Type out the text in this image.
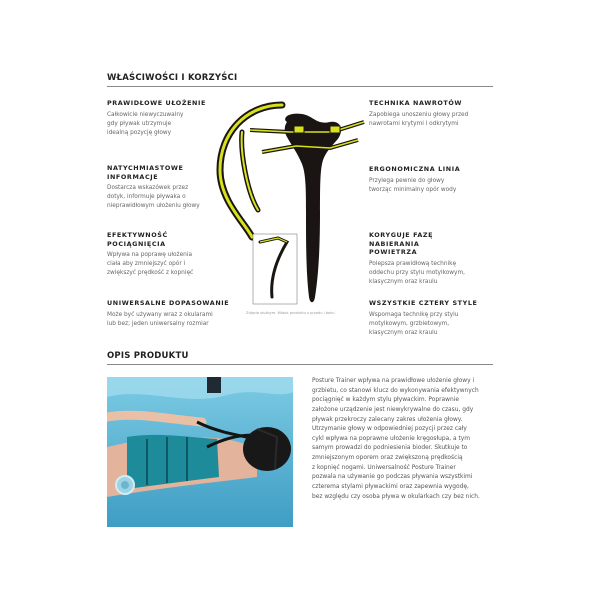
WŁAŚCIWOŚCI I KORZYŚCI
PRAWIDŁOWE UŁOŻENIE

Całkowicie niewyczuwalny
gdy pływak utrzymuje
idealną pozycję głowy

NATYCHMIASTOWE INFORMACJE

Dostarcza wskazówek przez
dotyk, informuje pływaka o
nieprawidłowym ułożeniu głowy

EFEKTYWNOŚĆ POCIĄGNIĘCIA

Wpływa na poprawę ułożenia
ciała aby zmniejszyć opór i
zwiększyć prędkość z kopnięć

UNIWERSALNE DOPASOWANIE

Może być używany wraz z okularami
lub bez; jeden uniwersalny rozmiar

TECHNIKA NAWROTÓW

Zapobiega unoszeniu głowy przed
nawrotami krytymi i odkrytymi

ERGONOMICZNA LINIA

Przylega pewnie do głowy
tworząc minimalny opór wody

KORYGUJE FAZĘ NABIERANIA POWIETRZA

Polepsza prawidłową technikę
oddechu przy stylu motylkowym,
klasycznym oraz kraulu

WSZYSTKIE CZTERY STYLE

Wspomaga technikę przy stylu
motylkowym, grzbietowym,
klasycznym oraz kraulu

Zdjęcia służbym. Widok produktu z przodu i boku
OPIS PRODUKTU

Posture Trainer wpływa na prawidłowe ułożenie głowy i
grzbietu, co stanowi klucz do wykonywania efektywnych
pociągnięć w każdym stylu pływackim. Poprawnie
założone urządzenie jest niewykrywalne do czasu, gdy
pływak przekroczy zalecany zakres ułożenia głowy.
Utrzymanie głowy w odpowiedniej pozycji przez cały
cykl wpływa na poprawne ułożenie kręgosłupa, a tym
samym prowadzi do podniesienia bioder. Skutkuje to
zmniejszonym oporem oraz zwiększoną prędkością
z kopnięć nogami. Uniwersalność Posture Trainer
pozwala na używanie go podczas pływania wszystkimi
czterema stylami pływackimi oraz zapewnia wygodę,
bez względu czy osoba pływa w okularkach czy bez nich.
